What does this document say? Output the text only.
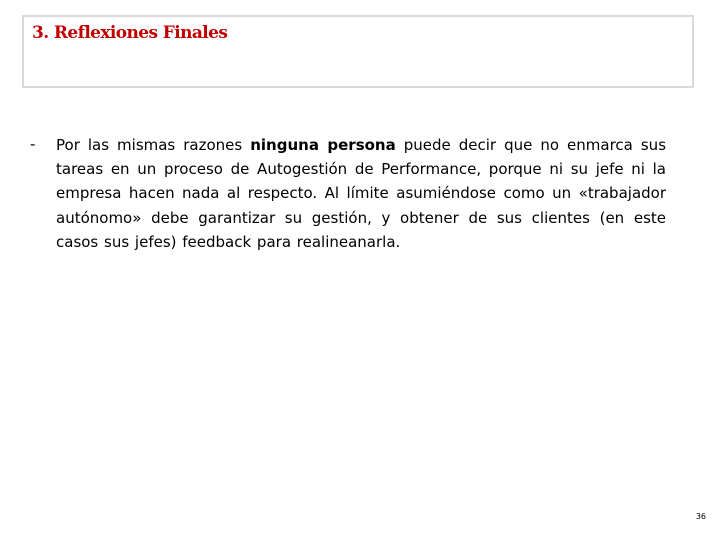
3. Reflexiones Finales
- Por las mismas razones ninguna persona puede decir que no enmarca sus tareas en un proceso de Autogestión de Performance, porque ni su jefe ni la empresa hacen nada al respecto. Al límite asumiéndose como un «trabajador autónomo» debe garantizar su gestión, y obtener de sus clientes (en este casos sus jefes) feedback para realineanarla.

36
